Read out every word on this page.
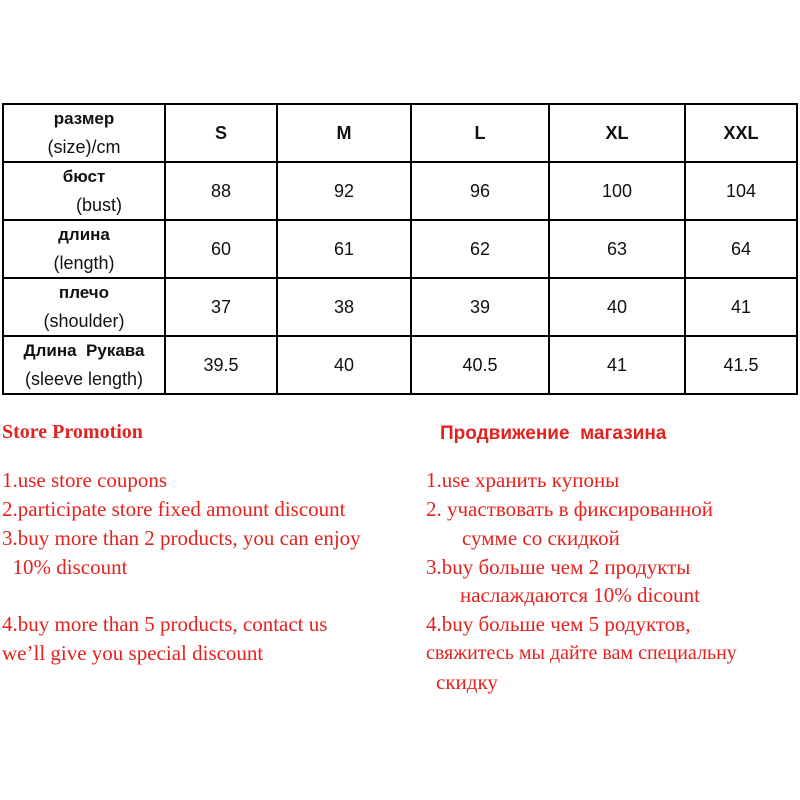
размер
(size)/cm	S	M	L	XL	XXL

бюст
(bust)	88	92	96	100	104

длина
(length)	60	61	62	63	64

плечо
(shoulder)	37	38	39	40	41

Длина  Рукава
(sleeve length)	39.5	40	40.5	41	41.5
Store Promotion
1.use store coupons
2.participate store fixed amount discount
3.buy more than 2 products, you can enjoy
10% discount
4.buy more than 5 products, contact us
we’ll give you special discount
Продвижение  магазина
1.use хранить купоны
2. участвовать в фиксированной
сумме со скидкой
3.buy больше чем 2 продукты
наслаждаются 10% dicount
4.buy больше чем 5 родуктов,
свяжитесь мы дайте вам специальну
скидку
